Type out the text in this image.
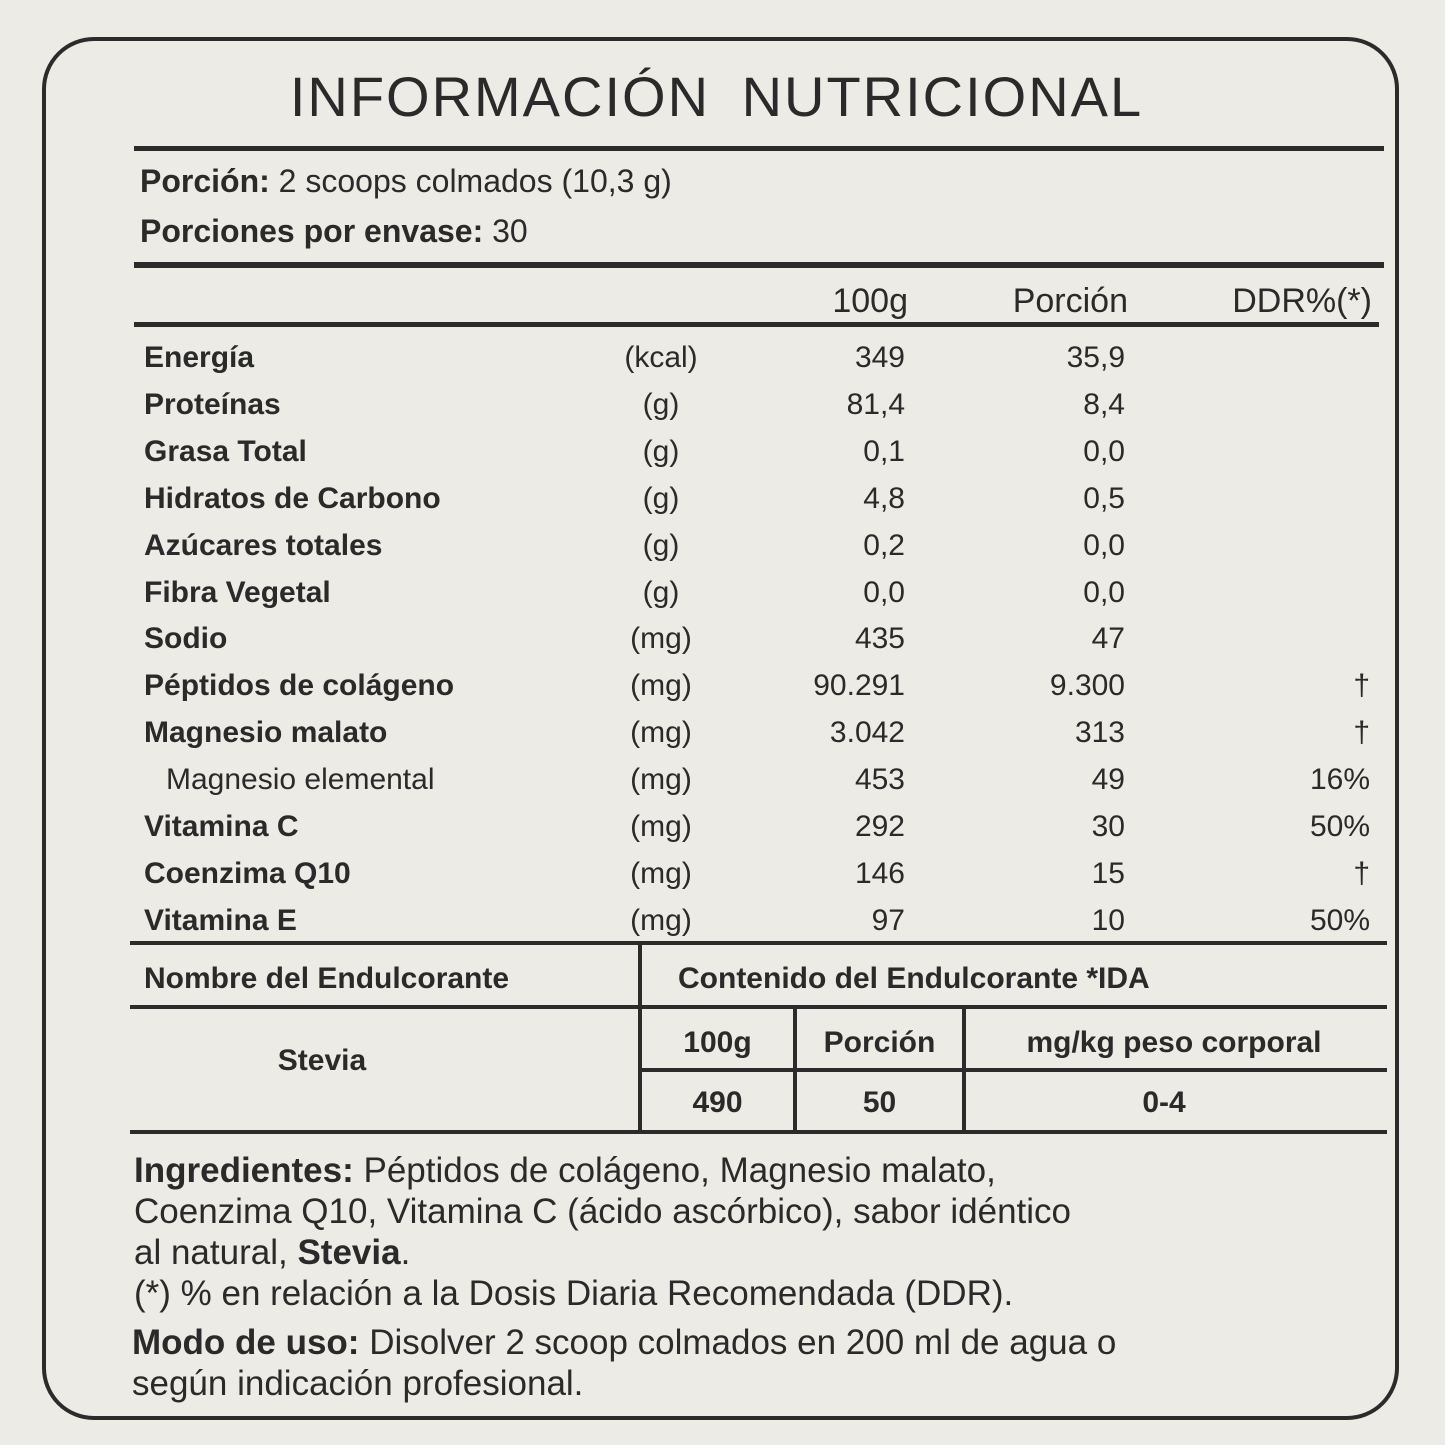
INFORMACIÓN NUTRICIONAL
Porción: 2 scoops colmados (10,3 g)
Porciones por envase: 30
100g	Porción	DDR%(*)
Energía	(kcal)	349	35,9
Proteínas	(g)	81,4	8,4
Grasa Total	(g)	0,1	0,0
Hidratos de Carbono	(g)	4,8	0,5
Azúcares totales	(g)	0,2	0,0
Fibra Vegetal	(g)	0,0	0,0
Sodio	(mg)	435	47
Péptidos de colágeno	(mg)	90.291	9.300	†
Magnesio malato	(mg)	3.042	313	†
Magnesio elemental	(mg)	453	49	16%
Vitamina C	(mg)	292	30	50%
Coenzima Q10	(mg)	146	15	†
Vitamina E	(mg)	97	10	50%
Nombre del Endulcorante	Contenido del Endulcorante *IDA
Stevia
100g	Porción	mg/kg peso corporal
490	50	0-4
Ingredientes: Péptidos de colágeno, Magnesio malato,
Coenzima Q10, Vitamina C (ácido ascórbico), sabor idéntico
al natural, Stevia.
(*) % en relación a la Dosis Diaria Recomendada (DDR).
Modo de uso: Disolver 2 scoop colmados en 200 ml de agua o
según indicación profesional.
